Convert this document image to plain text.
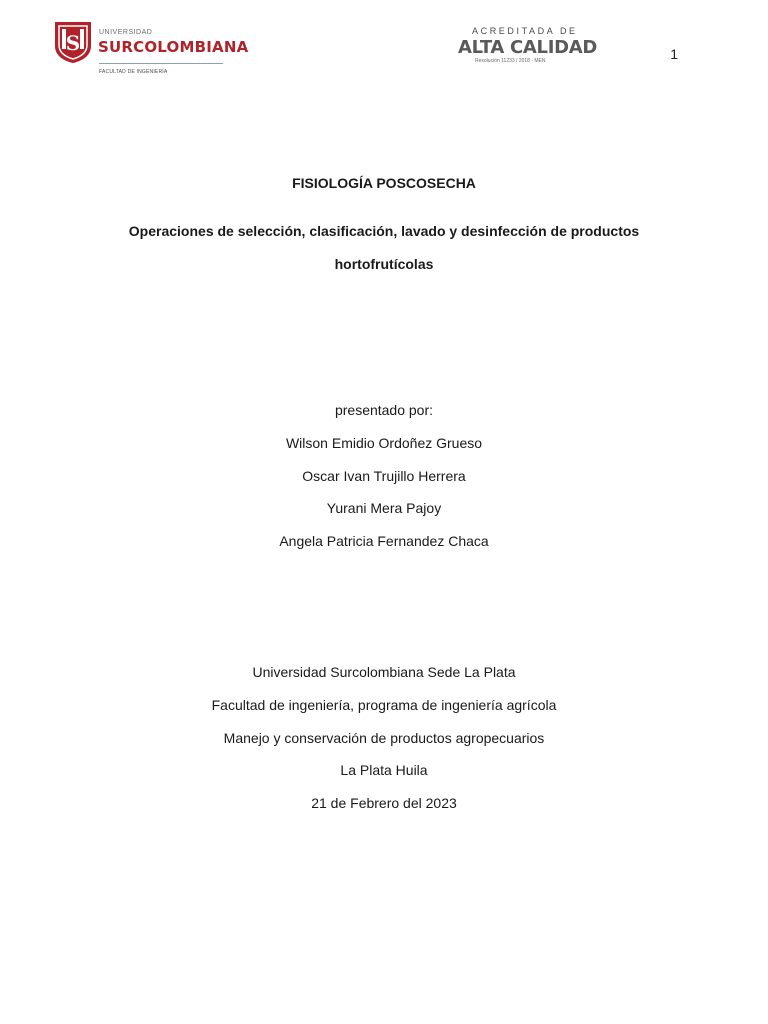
S	UNIVERSIDAD
SURCOLOMBIANA
FACULTAD DE INGENIERÍA
ACREDITADA DE
ALTA CALIDAD
Resolución 11233 / 2018 - MEN	1
FISIOLOGÍA POSCOSECHA
Operaciones de selección, clasificación, lavado y desinfección de productos
hortofrutícolas
presentado por:
Wilson Emidio Ordoñez Grueso
Oscar Ivan Trujillo Herrera
Yurani Mera Pajoy
Angela Patricia Fernandez Chaca
Universidad Surcolombiana Sede La Plata
Facultad de ingeniería, programa de ingeniería agrícola
Manejo y conservación de productos agropecuarios
La Plata Huila
21 de Febrero del 2023
